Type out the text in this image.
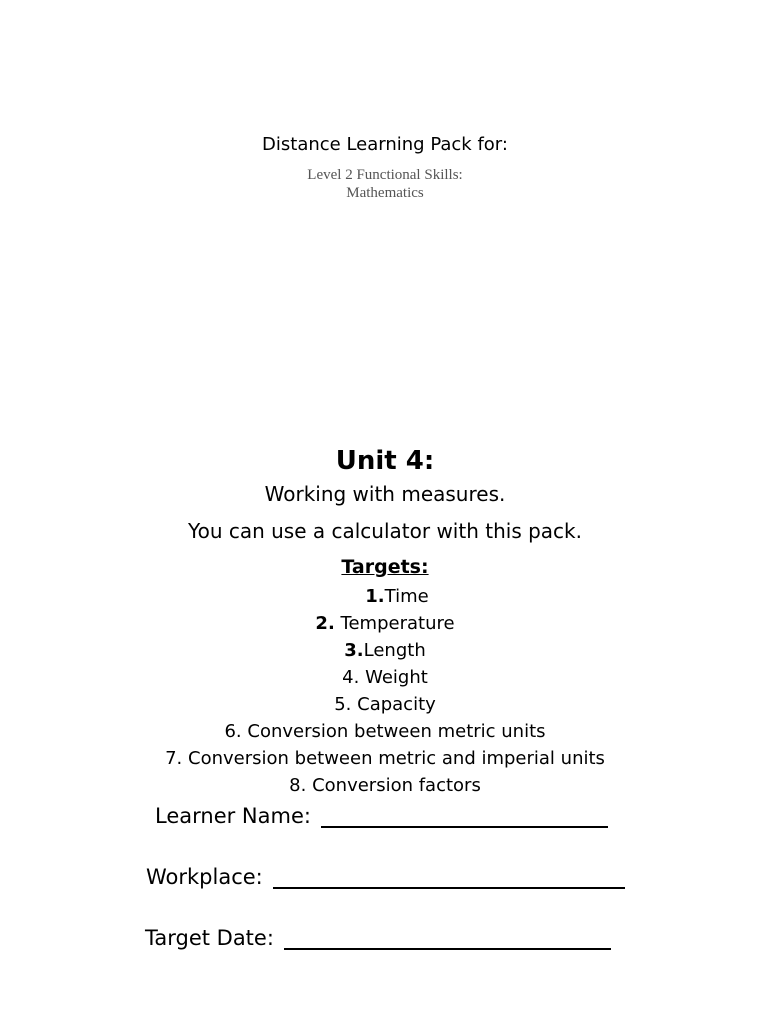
Distance Learning Pack for:
Level 2 Functional Skills:
Mathematics
Unit 4:
Working with measures.
You can use a calculator with this pack.
Targets:
1.Time
2. Temperature
3.Length
4. Weight
5. Capacity
6. Conversion between metric units
7. Conversion between metric and imperial units
8. Conversion factors
Learner Name:
Workplace:
Target Date:
